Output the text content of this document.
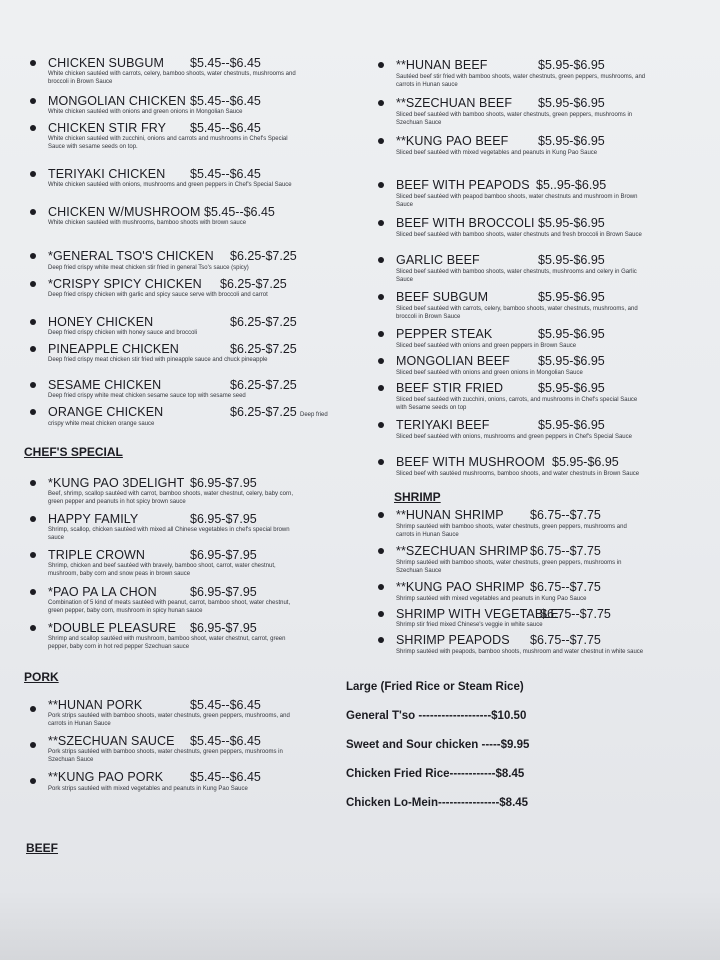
CHICKEN SUBGUM $5.45--$6.45
White chicken sautéed with carrots, celery, bamboo shoots, water chestnuts, mushrooms and broccoli in Brown Sauce
MONGOLIAN CHICKEN $5.45--$6.45
White chicken sautéed with onions and green onions in Mongolian Sauce
CHICKEN STIR FRY $5.45--$6.45
White chicken sautéed with zucchini, onions and carrots and mushrooms in Chef's Special Sauce with sesame seeds on top.
TERIYAKI CHICKEN $5.45--$6.45
White chicken sautéed with onions, mushrooms and green peppers in Chef's Special Sauce
CHICKEN W/MUSHROOM $5.45--$6.45
White chicken sautéed with mushrooms, bamboo shoots with brown sauce
*GENERAL TSO'S CHICKEN $6.25-$7.25
Deep fried crispy white meat chicken stir fried in general Tso's sauce (spicy)
*CRISPY SPICY CHICKEN $6.25-$7.25
Deep fried crispy chicken with garlic and spicy sauce serve with broccoli and carrot
HONEY CHICKEN	$6.25-$7.25
Deep fried crispy chicken with honey sauce and broccoli
PINEAPPLE CHICKEN	$6.25-$7.25
Deep fried crispy meat chicken stir fried with pineapple sauce and chuck pineapple
SESAME CHICKEN	$6.25-$7.25
Deep fried crispy white meat chicken sesame sauce top with sesame seed
ORANGE CHICKEN	$6.25-$7.25 Deep fried
crispy white meat chicken orange sauce
CHEF'S SPECIAL
*KUNG PAO 3DELIGHT $6.95-$7.95
Beef, shrimp, scallop sautéed with carrot, bamboo shoots, water chestnut, celery, baby corn, green pepper and peanuts in hot spicy brown sauce
HAPPY FAMILY	$6.95-$7.95
Shrimp, scallop, chicken sautéed with mixed all Chinese vegetables in chef's special brown sauce
TRIPLE CROWN	$6.95-$7.95
Shrimp, chicken and beef sautéed with bravely, bamboo shoot, carrot, water chestnut, mushroom, baby corn and snow peas in brown sauce
*PAO PA LA CHON	$6.95-$7.95
Combination of 5 kind of meats sautéed with peanut, carrot, bamboo shoot, water chestnut, green pepper, baby corn, mushroom in spicy hunan sauce
*DOUBLE PLEASURE $6.95-$7.95
Shrimp and scallop sautéed with mushroom, bamboo shoot, water chestnut, carrot, green pepper, baby corn in hot red pepper Szechuan sauce
PORK
**HUNAN PORK	$5.45--$6.45
Pork strips sautéed with bamboo shoots, water chestnuts, green peppers, mushrooms, and carrots in Hunan Sauce
**SZECHUAN SAUCE $5.45--$6.45
Pork strips sautéed with bamboo shoots, water chestnuts, green peppers, mushrooms in Szechuan Sauce
**KUNG PAO PORK $5.45--$6.45
Pork strips sautéed with mixed vegetables and peanuts in Kung Pao Sauce
BEEF
**HUNAN BEEF	$5.95-$6.95
Sautéed beef stir fried with bamboo shoots, water chestnuts, green peppers, mushrooms, and carrots in Hunan sauce
**SZECHUAN BEEF $5.95-$6.95
Sliced beef sautéed with bamboo shoots, water chestnuts, green peppers, mushrooms in Szechuan Sauce
**KUNG PAO BEEF $5.95-$6.95
Sliced beef sautéed with mixed vegetables and peanuts in Kung Pao Sauce
BEEF WITH PEAPODS $5..95-$6.95
Sliced beef sautéed with peapod bamboo shoots, water chestnuts and mushroom in Brown Sauce
BEEF WITH BROCCOLI $5.95-$6.95
Sliced beef sautéed with bamboo shoots, water chestnuts and fresh broccoli in Brown Sauce
GARLIC BEEF	$5.95-$6.95
Sliced beef sautéed with bamboo shoots, water chestnuts, mushrooms and celery in Garlic Sauce
BEEF SUBGUM	$5.95-$6.95
Sliced beef sautéed with carrots, celery, bamboo shoots, water chestnuts, mushrooms, and broccoli in Brown Sauce
PEPPER STEAK	$5.95-$6.95
Sliced beef sautéed with onions and green peppers in Brown Sauce
MONGOLIAN BEEF $5.95-$6.95
Sliced beef sautéed with onions and green onions in Mongolian Sauce
BEEF STIR FRIED	$5.95-$6.95
Sliced beef sautéed with zucchini, onions, carrots, and mushrooms in Chef's special Sauce with Sesame seeds on top
TERIYAKI BEEF	$5.95-$6.95
Sliced beef sautéed with onions, mushrooms and green peppers in Chef's Special Sauce
BEEF WITH MUSHROOM $5.95-$6.95
Sliced beef with sautéed mushrooms, bamboo shoots, and water chestnuts in Brown Sauce
SHRIMP
**HUNAN SHRIMP $6.75--$7.75
Shrimp sautéed with bamboo shoots, water chestnuts, green peppers, mushrooms and carrots in Hunan Sauce
**SZECHUAN SHRIMP $6.75--$7.75
Shrimp sautéed with bamboo shoots, water chestnuts, green peppers, mushrooms in Szechuan Sauce
**KUNG PAO SHRIMP $6.75--$7.75
Shrimp sautéed with mixed vegetables and peanuts in Kung Pao Sauce
SHRIMP WITH VEGETABLE
$6.75--$7.75
Shrimp stir fried mixed Chinese's veggie in white sauce
SHRIMP PEAPODS $6.75--$7.75
Shrimp sautéed with peapods, bamboo shoots, mushroom and water chestnut in white sauce
Large (Fried Rice or Steam Rice)
General T'so -------------------$10.50
Sweet and Sour chicken -----$9.95
Chicken Fried Rice------------$8.45
Chicken Lo-Mein----------------$8.45
